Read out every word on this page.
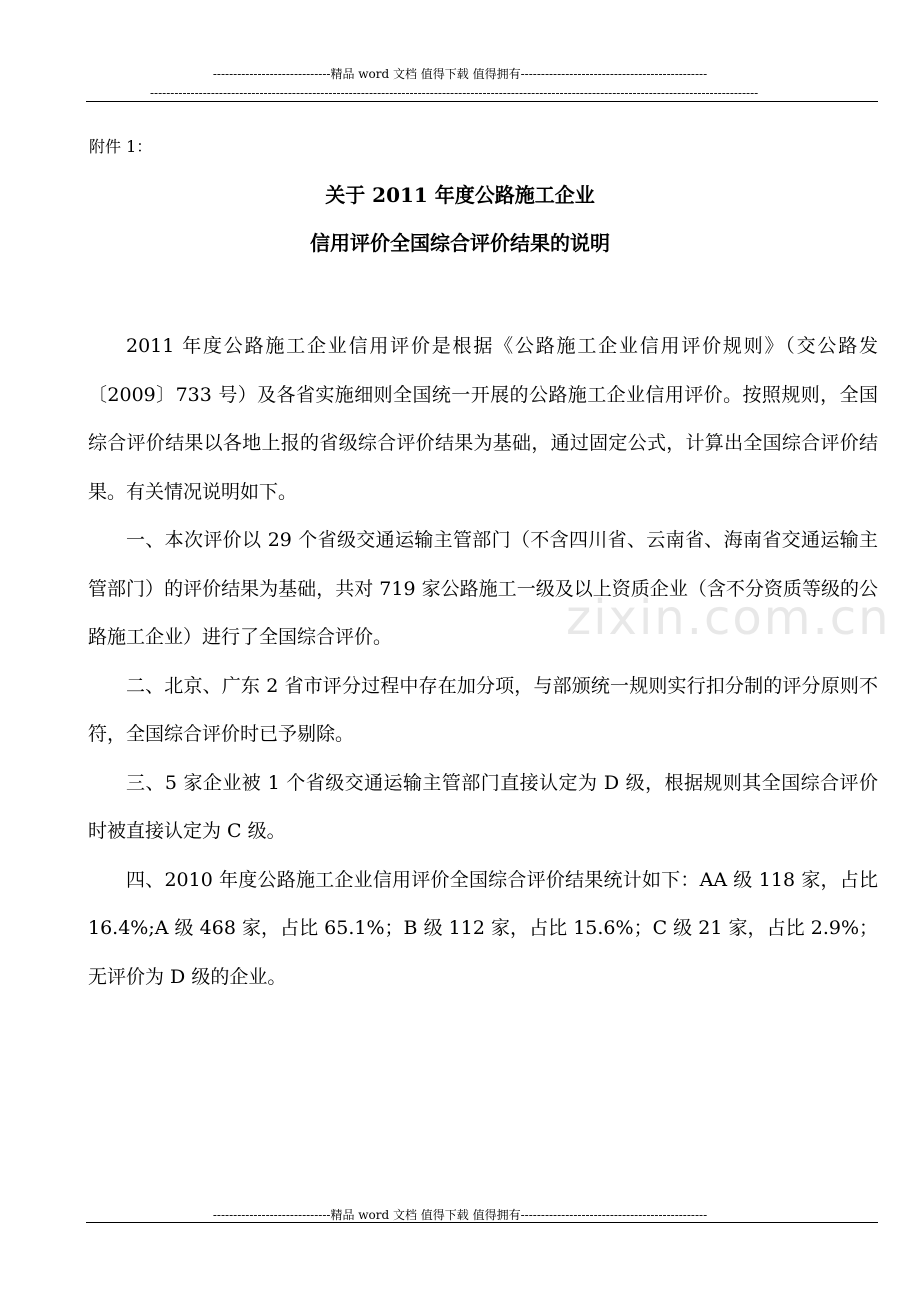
-----------------------------精品 word 文档 值得下载 值得拥有----------------------------------------------
------------------------------------------------------------------------------------------------------------------------------------------------------
附件 1：
关于 2011 年度公路施工企业
信用评价全国综合评价结果的说明

2011 年度公路施工企业信用评价是根据《公路施工企业信用评价规则》（交公路发〔2009〕733 号）及各省实施细则全国统一开展的公路施工企业信用评价。按照规则，全国综合评价结果以各地上报的省级综合评价结果为基础，通过固定公式，计算出全国综合评价结果。有关情况说明如下。

一、本次评价以 29 个省级交通运输主管部门（不含四川省、云南省、海南省交通运输主管部门）的评价结果为基础，共对 719 家公路施工一级及以上资质企业（含不分资质等级的公路施工企业）进行了全国综合评价。

二、北京、广东 2 省市评分过程中存在加分项，与部颁统一规则实行扣分制的评分原则不符，全国综合评价时已予剔除。

三、5 家企业被 1 个省级交通运输主管部门直接认定为 D 级，根据规则其全国综合评价时被直接认定为 C 级。

四、2010 年度公路施工企业信用评价全国综合评价结果统计如下：AA 级 118 家，占比 16.4%;A 级 468 家，占比 65.1%；B 级 112 家，占比 15.6%；C 级 21 家，占比 2.9%；无评价为 D 级的企业。

zixin.com.cn
-----------------------------精品 word 文档 值得下载 值得拥有----------------------------------------------
